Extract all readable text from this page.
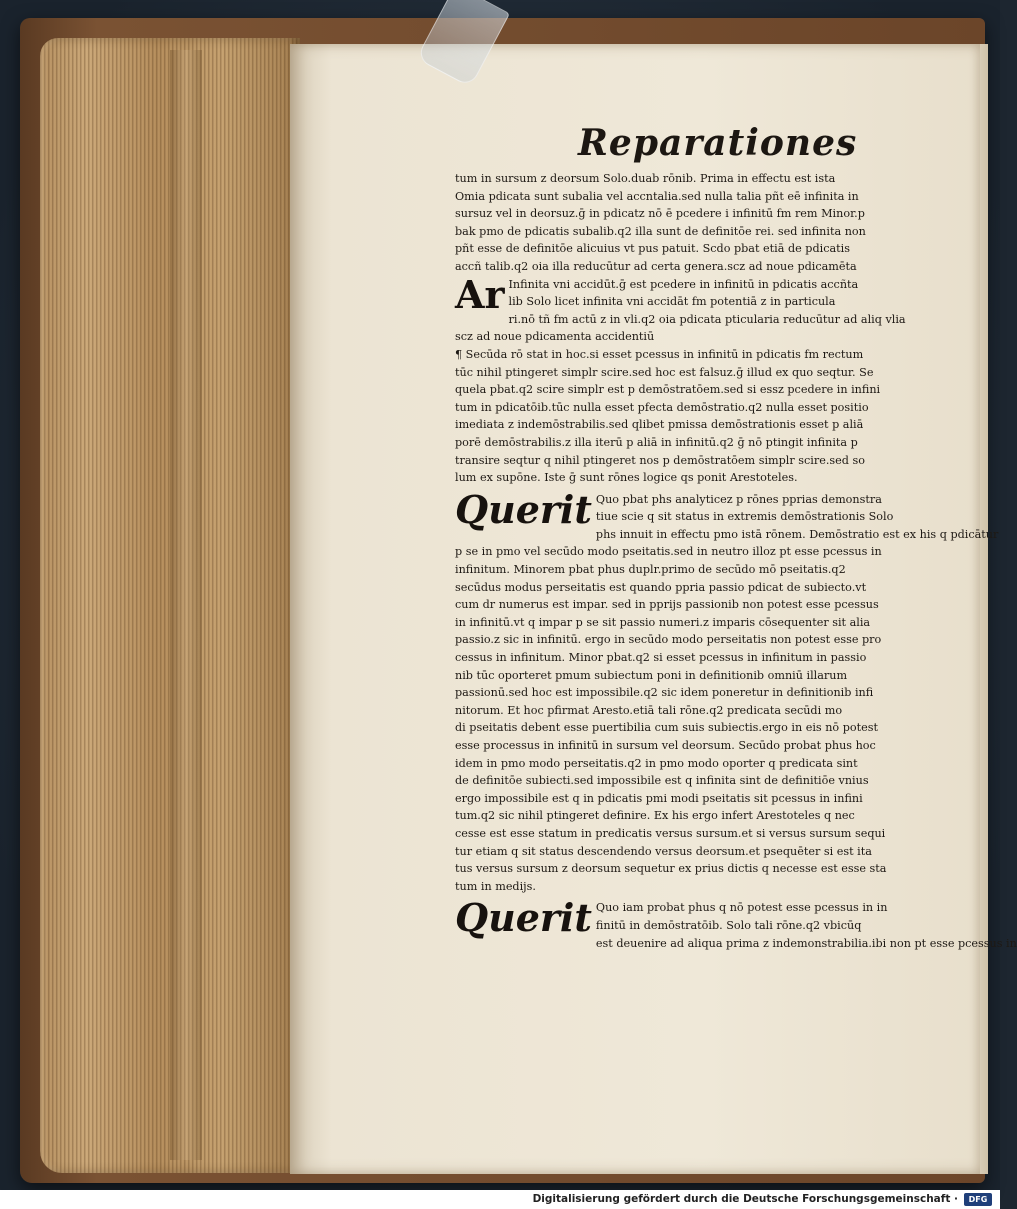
Reparationes

tum in sursum z deorsum Solo.duab rōnib. Prima in effectu est ista

Omia pdicata sunt subalia vel accntalia.sed nulla talia pñt eē infinita in

sursuz vel in deorsuz.ḡ in pdicatz nō ē pcedere i infinitū fm rem Minor.p

bak pmo de pdicatis subalib.q2 illa sunt de definitōe rei. sed infinita non

pñt esse de definitōe alicuius vt pus patuit. Scdo pbat etiā de pdicatis

accñ talib.q2 oia illa reducūtur ad certa genera.scz ad noue pdicamēta

Ar Infinita vni accidūt.ḡ est pcedere in infinitū in pdicatis accñta

lib Solo licet infinita vni accidāt fm potentiā z in particula

ri.nō tñ fm actū z in vli.q2 oia pdicata pticularia reducūtur ad aliq vlia

scz ad noue pdicamenta accidentiū

¶ Secūda rō stat in hoc.si esset pcessus in infinitū in pdicatis fm rectum

tūc nihil ptingeret simplr scire.sed hoc est falsuz.ḡ illud ex quo seqtur. Se

quela pbat.q2 scire simplr est p demōstratōem.sed si essz pcedere in infini

tum in pdicatōib.tūc nulla esset pfecta demōstratio.q2 nulla esset positio

imediata z indemōstrabilis.sed qlibet pmissa demōstrationis esset p aliā

porē demōstrabilis.z illa iterū p aliā in infinitū.q2 ḡ nō ptingit infinita p

transire seqtur q nihil ptingeret nos p demōstratōem simplr scire.sed so

lum ex supōne. Iste ḡ sunt rōnes logice qs ponit Arestoteles.

Querit Quo pbat phs analyticez p rōnes pprias demonstra

tiue scie q sit status in extremis demōstrationis Solo

phs innuit in effectu pmo istā rōnem. Demōstratio est ex his q pdicātur

p se in pmo vel secūdo modo pseitatis.sed in neutro illoz pt esse pcessus in

infinitum. Minorem pbat phus duplr.primo de secūdo mō pseitatis.q2

secūdus modus perseitatis est quando ppria passio pdicat de subiecto.vt

cum dr numerus est impar. sed in pprijs passionib non potest esse pcessus

in infinitū.vt q impar p se sit passio numeri.z imparis cōsequenter sit alia

passio.z sic in infinitū. ergo in secūdo modo perseitatis non potest esse pro

cessus in infinitum. Minor pbat.q2 si esset pcessus in infinitum in passio

nib tūc oporteret pmum subiectum poni in definitionib omniū illarum

passionū.sed hoc est impossibile.q2 sic idem poneretur in definitionib infi

nitorum. Et hoc pfirmat Aresto.etiā tali rōne.q2 predicata secūdi mo

di pseitatis debent esse puertibilia cum suis subiectis.ergo in eis nō potest

esse processus in infinitū in sursum vel deorsum. Secūdo probat phus hoc

idem in pmo modo perseitatis.q2 in pmo modo oporter q predicata sint

de definitōe subiecti.sed impossibile est q infinita sint de definitiōe vnius

ergo impossibile est q in pdicatis pmi modi pseitatis sit pcessus in infini

tum.q2 sic nihil ptingeret definire. Ex his ergo infert Arestoteles q nec

cesse est esse statum in predicatis versus sursum.et si versus sursum sequi

tur etiam q sit status descendendo versus deorsum.et psequēter si est ita

tus versus sursum z deorsum sequetur ex prius dictis q necesse est esse sta

tum in medijs.

Querit Quo iam probat phus q nō potest esse pcessus in in

finitū in demōstratōib. Solo tali rōne.q2 vbicūq

est deuenire ad aliqua prima z indemonstrabilia.ibi non pt esse pcessus in

Digitalisierung gefördert durch die Deutsche Forschungsgemeinschaft ·	DFG
